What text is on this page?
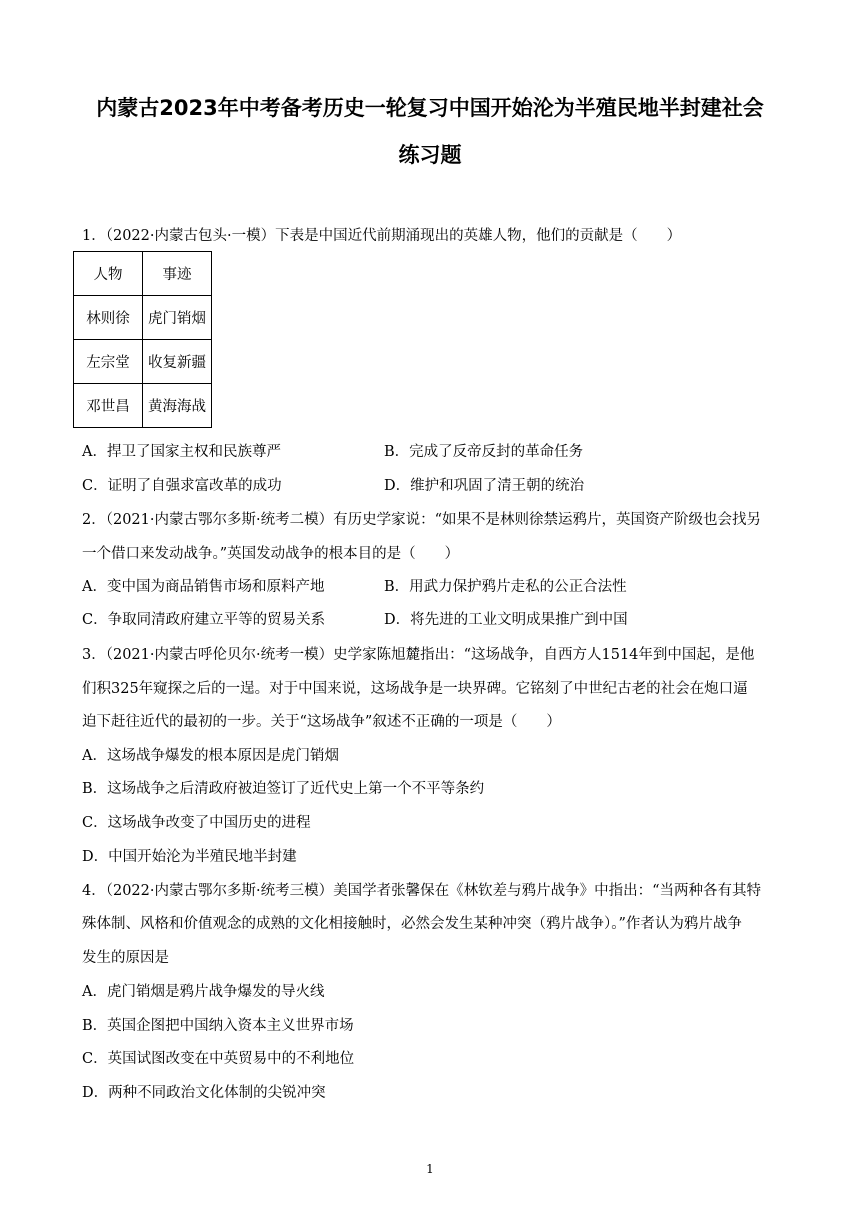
内蒙古2023年中考备考历史一轮复习中国开始沦为半殖民地半封建社会
练习题
1．（2022·内蒙古包头·一模）下表是中国近代前期涌现出的英雄人物，他们的贡献是（　　）
人物	事迹
林则徐	虎门销烟
左宗堂	收复新疆
邓世昌	黄海海战
A．捍卫了国家主权和民族尊严	B．完成了反帝反封的革命任务
C．证明了自强求富改革的成功	D．维护和巩固了清王朝的统治
2．（2021·内蒙古鄂尔多斯·统考二模）有历史学家说：“如果不是林则徐禁运鸦片，英国资产阶级也会找另
一个借口来发动战争。”英国发动战争的根本目的是（　　）
A．变中国为商品销售市场和原料产地	B．用武力保护鸦片走私的公正合法性
C．争取同清政府建立平等的贸易关系	D．将先进的工业文明成果推广到中国
3．（2021·内蒙古呼伦贝尔·统考一模）史学家陈旭麓指出：“这场战争，自西方人1514年到中国起，是他
们积325年窥探之后的一逞。对于中国来说，这场战争是一块界碑。它铭刻了中世纪古老的社会在炮口逼
迫下赶往近代的最初的一步。关于“这场战争”叙述不正确的一项是（　　）
A．这场战争爆发的根本原因是虎门销烟
B．这场战争之后清政府被迫签订了近代史上第一个不平等条约
C．这场战争改变了中国历史的进程
D．中国开始沦为半殖民地半封建
4．（2022·内蒙古鄂尔多斯·统考三模）美国学者张馨保在《林钦差与鸦片战争》中指出：“当两种各有其特
殊体制、风格和价值观念的成熟的文化相接触时，必然会发生某种冲突（鸦片战争）。”作者认为鸦片战争
发生的原因是
A．虎门销烟是鸦片战争爆发的导火线
B．英国企图把中国纳入资本主义世界市场
C．英国试图改变在中英贸易中的不利地位
D．两种不同政治文化体制的尖锐冲突
1
